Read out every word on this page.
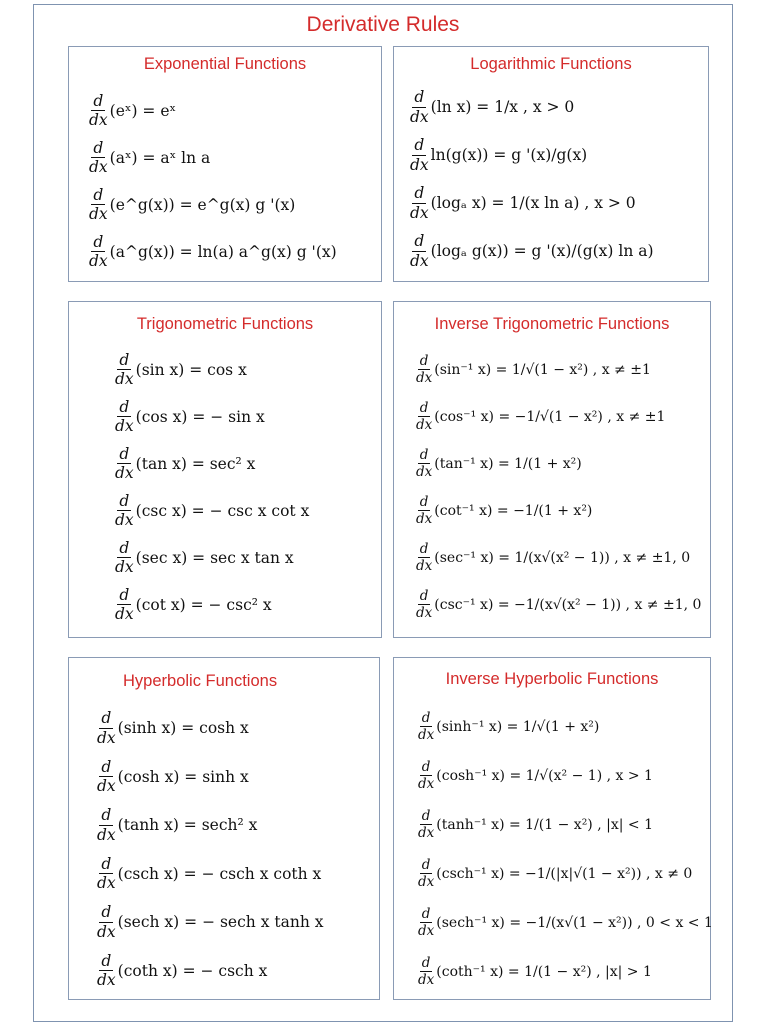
Derivative Rules
Exponential Functions
$\frac{d}{dx}$ (eˣ) = eˣ
$\frac{d}{dx}$ (aˣ) = aˣ ln a
$\frac{d}{dx}$ (e^g(x)) = e^g(x) g '(x)
$\frac{d}{dx}$ (a^g(x)) = ln(a) a^g(x) g '(x)
Logarithmic Functions
$\frac{d}{dx} (\ln$ x) = 1/x , x > 0
$\frac{d}{dx} \ln(g(x)) = g$ '(x)/g(x)
$\frac{d}{dx} (\log_a$ x) = 1/(x ln a) , x > 0
$\frac{d}{dx} (\log_a$ g(x)) = g '(x)/(g(x) ln a)
Trigonometric Functions
$\frac{d}{dx} (\sin$ x) = cos x
$\frac{d}{dx} (\cos$ x) = − sin x
$\frac{d}{dx} (\tan$ x) = sec² x
$\frac{d}{dx} (\csc$ x) = − csc x cot x
$\frac{d}{dx} (\sec$ x) = sec x tan x
$\frac{d}{dx} (\cot$ x) = − csc² x
Inverse Trigonometric Functions
$\frac{d}{dx} (\sin^{-1}$ x) = 1/√(1 − x²) , x ≠ ±1
$\frac{d}{dx} (\cos^{-1}$ x) = −1/√(1 − x²) , x ≠ ±1
$\frac{d}{dx} (\tan^{-1}$ x) = 1/(1 + x²)
$\frac{d}{dx} (\cot^{-1}$ x) = −1/(1 + x²)
$\frac{d}{dx} (\sec^{-1}$ x) = 1/(x√(x² − 1)) , x ≠ ±1, 0
$\frac{d}{dx} (\csc^{-1}$ x) = −1/(x√(x² − 1)) , x ≠ ±1, 0
Hyperbolic Functions
$\frac{d}{dx} (\sinh$ x) = cosh x
$\frac{d}{dx} (\cosh$ x) = sinh x
$\frac{d}{dx} (\tanh$ x) = sech² x
$\frac{d}{dx} (\csc h$ x) = − csch x coth x
$\frac{d}{dx} (\sec h$ x) = − sech x tanh x
$\frac{d}{dx} (\cot h$ x) = − csch x
Inverse Hyperbolic Functions
$\frac{d}{dx} (\sinh^{-1}$ x) = 1/√(1 + x²)
$\frac{d}{dx} (\cosh^{-1}$ x) = 1/√(x² − 1) , x > 1
$\frac{d}{dx} (\tanh^{-1}$ x) = 1/(1 − x²) , |x| < 1
$\frac{d}{dx} (\csc h^{-1}$ x) = −1/(|x|√(1 − x²)) , x ≠ 0
$\frac{d}{dx} (\sec h^{-1}$ x) = −1/(x√(1 − x²)) , 0 < x < 1
$\frac{d}{dx} (\cot h^{-1}$ x) = 1/(1 − x²) , |x| > 1
